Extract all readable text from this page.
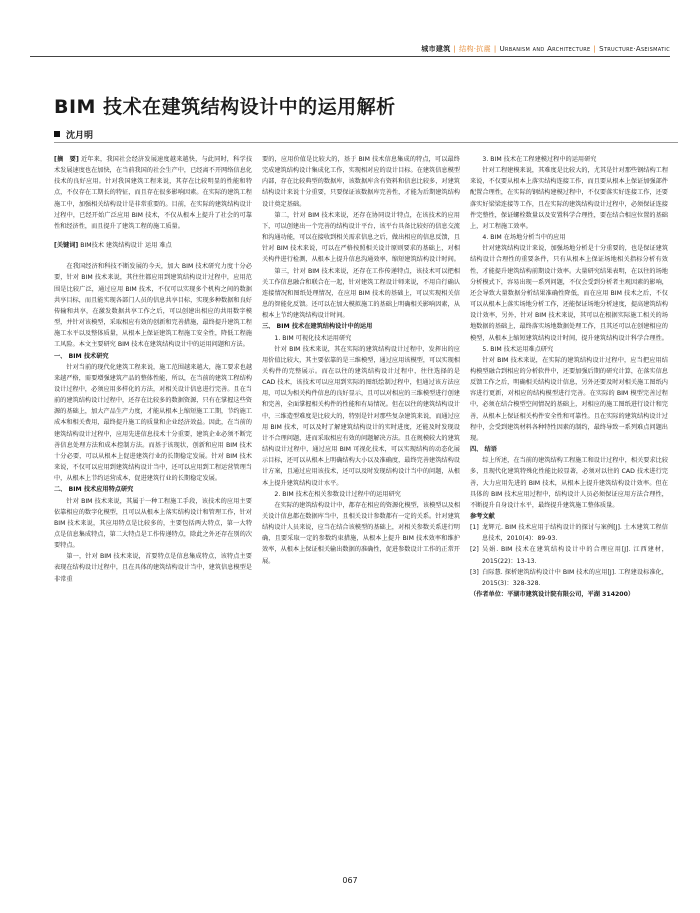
城市建筑 | 结构·抗震 | Urbanism and Architecture | Structure·Aseismatic
BIM 技术在建筑结构设计中的运用解析
沈月明

[摘　要] 近年来，我国社会经济发展速度越来越快，与此同时，科学技术发展速度也在加快，在当前我国的社会生产中，已经离不开网络信息化技术的良好应用。针对我国建筑工程来说，其存在比较明显的性能和特点，不仅存在工期长的特征，而且存在很多影响因素。在实际的建筑工程施工中，加强相关结构设计是非常重要的。目前，在实际的建筑结构设计过程中，已经开始广泛应用 BIM 技术，不仅从根本上提升了社会的可靠性和经济性，而且提升了建筑工程的施工质量。

[关键词] BIM技术 建筑结构设计 运用 难点

在我国经济和科技不断发展的今天，加大 BIM 技术研究力度十分必要，针对 BIM 技术来说，其往往都应用到建筑结构设计过程中，应用范围是比较广泛，通过应用 BIM 技术，不仅可以实现多个机构之间的数据共享目标，而且能实现各部门人员的信息共享目标，实现多种数据和良好传输和共享，在激发数据共享工作之后，可以创建出相应的共用数字模型，并针对该模型，采取相应有效的创新和完善措施，最终提升建筑工程施工水平以及整体质量，从根本上保证建筑工程施工安全性，降低工程施工风险。本文主要研究 BIM 技术在建筑结构设计中的运用问题和方法。

一、 BIM 技术研究

针对当前的现代化建筑工程来说，施工范围越来越大，施工要求也越来越严格，需要增强建筑产品的整体性能，所以，在当前的建筑工程结构设计过程中，必须应用多样化的方法，对相关设计信息进行完善。且在当前的建筑结构设计过程中，还存在比较多的数据资源，只有在掌握这些资源的基础上，加大产品生产力度，才能从根本上缩短施工工期，节约施工成本和相关费用，最终提升施工的质量和企业经济效益。因此，在当前的建筑结构设计过程中，应用先进信息技术十分重要，建筑企业必须不断完善信息处理方法和成本控制方法。而基于该现状，创新和应用 BIM 技术十分必要，可以从根本上促进建筑行业的长期稳定发展。针对 BIM 技术来说，不仅可以应用到建筑结构设计当中，还可以应用到工程运营管理当中，从根本上节约运营成本，促进建筑行业的长期稳定发展。

二、 BIM 技术应用特点研究

针对 BIM 技术来说，其属于一种工程施工手段，该技术的应用主要依靠相应的数字化模型，且可以从根本上落实结构设计和管理工作，针对 BIM 技术来说，其应用特点是比较多的，主要包括两大特点，第一大特点是信息集成特点，第二大特点是工作传递特点，除此之外还存在别的次要特点。

第一，针对 BIM 技术来说，首要特点是信息集成特点，该特点主要表现在结构设计过程中，且在具体的建筑结构设计当中，建筑信息模型是非常重

要的，应用价值是比较大的，基于 BIM 技术信息集成的特点，可以最终完成建筑结构设计集成化工作，实现相对应的设计目标。在建筑信息模型内部，存在比较典型的数据库，该数据库含有资料和信息比较多，对建筑结构设计来说十分重要，只要保证该数据库完善性，才能为后期建筑结构设计奠定基础。

第二，针对 BIM 技术来说，还存在协同设计特点，在该技术的应用下，可以创建出一个完善的结构设计平台，该平台具备比较好的信息交流和沟通功能，可以在接收到相关需求信息之后，做出相应的信息反馈，且针对 BIM 技术来说，可以在严格按照相关设计原则要求的基础上，对相关构件进行检测，从根本上提升信息沟通效率，缩短建筑结构设计时间。

第三，针对 BIM 技术来说，还存在工作传递特点，该技术可以把相关工作信息融合和联合在一起，针对建筑工程设计师来说，不用自行确认连接情况和图纸处理情况，在应用 BIM 技术的基础上，可以实现相关信息的智能化反馈。还可以在加大模拟施工的基础上明确相关影响因素，从根本上节约建筑结构设计时间。

三、 BIM 技术在建筑结构设计中的运用

1. BIM 可视化技术运用研究

针对 BIM 技术来说，其在实际的建筑结构设计过程中，发挥出的应用价值比较大，其主要依靠的是三维模型，通过应用该模型，可以实现相关构件的完整展示。而在以往的建筑结构设计过程中，往往选择的是 CAD 技术，该技术可以应用到实际的图纸绘制过程中，但通过该方法应用，可以为相关构件信息的良好显示，且可以对相应的三维模型进行创建和完善，全面掌握相关构件的性能和有局情况。但在以往的建筑结构设计中，三维造型难度是比较大的，特别是针对那些复杂建筑来说，而通过应用 BIM 技术，可以及时了解建筑结构设计的实时进度，还能及时发现设计不合理问题，进而采取相应有效的问题解决方法。且在规模较大的建筑结构设计过程中，通过应用 BIM 可视化技术，可以实现结构的动态化展示目标，还可以从根本上明确结构大小以及准确度，最终完善建筑结构设计方案，且通过应用该技术，还可以及时发现结构设计当中的问题，从根本上提升建筑结构设计水平。

2. BIM 技术在相关参数设计过程中的运用研究

在实际的建筑结构设计中，都存在相应的资源化模型，该模型以及相关设计信息都在数据库当中，且相关设计参数都有一定的关系。针对建筑结构设计人员来说，应当在结合该模型的基础上，对相关参数关系进行明确，且要采取一定的参数约束措施，从根本上提升 BIM 技术效率和维护效率，从根本上保证相关输出数据的准确性，促进参数设计工作的正常开展。

3. BIM 技术在工程建模过程中的运用研究

针对工程建模来说，其难度是比较大的，尤其是针对那些钢结构工程来说，不仅要从根本上落实结构连接工作，而且要从根本上保证加强部件配置合理性，在实际的钢结构建模过程中，不仅要落实好连接工作，还要落实好梁梁连接等工作，且在实际的建筑结构设计过程中，必须保证连接件完整性，保证螺栓数量以及安置科学合理性，要在结合相应位置的基础上，对工程施工效率。

4. BIM 在场地分析当中的应用

针对建筑结构设计来说，加强场地分析是十分重要的，也是保证建筑结构设计合理性的重要条件，只有从根本上保证场地相关指标分析有效性，才能提升建筑结构前期设计效率。大量研究结果表明，在以往的场地分析模式下，容易出现一系列问题，不仅会受到分析者主观因素的影响，还会导致大量数据分析结果准确性降低，而在应用 BIM 技术之后，不仅可以从根本上落实场地分析工作，还能保证场地分析速度，提高建筑结构设计效率，另外，针对 BIM 技术来说，其可以在根据实际施工相关的场地数据的基础上，最终落实场地数据处理工作，且其还可以在创建相应的模型，从根本上缩短建筑结构设计时间，提升建筑结构设计科学合理性。

5. BIM 技术运用难点研究

针对 BIM 技术来说，在实际的建筑结构设计过程中，应当把应用结构模型融合到相应的分析软件中，还要加强后期的研究计算，在落实信息反馈工作之后，明确相关结构设计信息，另外还要及时对相关施工图纸内容进行更新，对相应的结构模型进行完善。在实际的 BIM 模型完善过程中，必须在结合模型空间情况的基础上，对相应的施工图纸进行设计和完善，从根本上保证相关构件安全性和可靠性。且在实际的建筑结构设计过程中，会受到建筑材料各种特性因素的制约，最终导致一系列难点问题出现。

四、 结语

综上所述，在当前的建筑结构工程施工和设计过程中，相关要求比较多，且现代化建筑特殊化性能比较显著，必须对以往的 CAD 技术进行完善，大力应用先进的 BIM 技术，从根本上提升建筑结构设计效率。但在具体的 BIM 技术应用过程中，结构设计人员必须保证应用方法合理性，不断提升自身设计水平，最终提升建筑施工整体质量。

参考文献

[1] 龙辉元. BIM 技术应用于结构设计的探讨与案例[J]. 土木建筑工程信息技术，2010(4)：89-93.

[2] 吴娟. BIM 技术在建筑结构设计中的合理应用[J]. 江西建材，2015(22)：13-13.

[3] 白际慧. 探析建筑结构设计中 BIM 技术的应用[J]. 工程建设标准化，2015(3)：328-328.

（作者单位：平湖市建筑设计院有限公司，平湖 314200）

067
